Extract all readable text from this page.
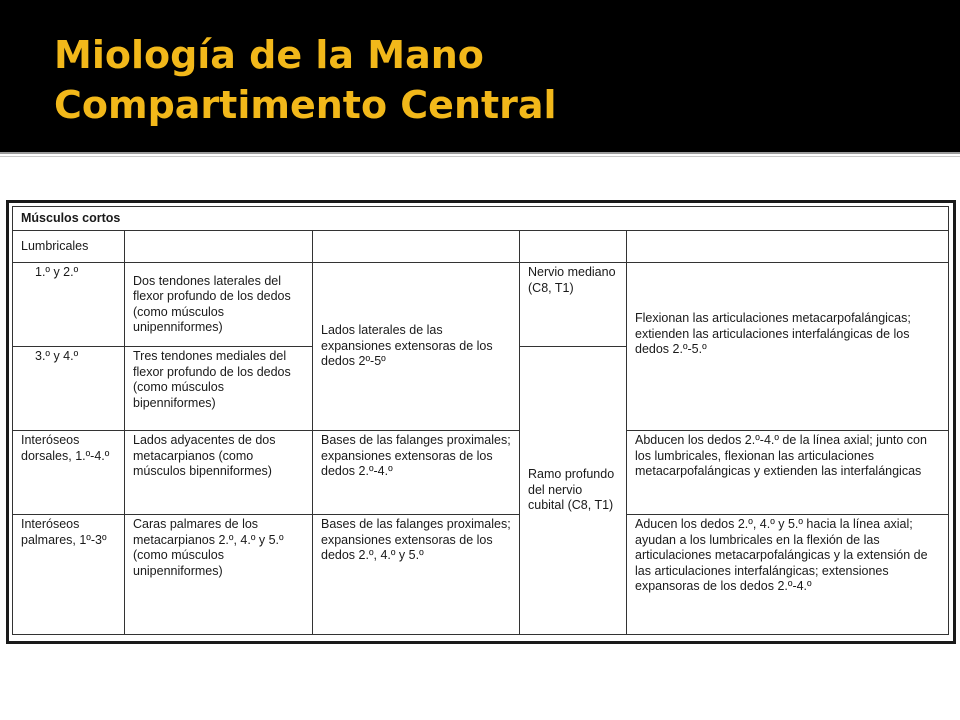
Miología de la Mano
Compartimento Central
Músculos cortos				
Lumbricales				
1.º y 2.º	Dos tendones laterales del flexor profundo de los dedos (como músculos unipenniformes)	Lados laterales de las expansiones extensoras de los dedos 2º-5º	Nervio mediano (C8, T1)	Flexionan las articulaciones metacarpofalángicas; extienden las articulaciones interfalángicas de los dedos 2.º-5.º
3.º y 4.º	Tres tendones mediales del flexor profundo de los dedos (como músculos bipenniformes)		Ramo profundo del nervio cubital (C8, T1)	
Interóseos dorsales, 1.º-4.º	Lados adyacentes de dos metacarpianos (como músculos bipenniformes)	Bases de las falanges proximales; expansiones extensoras de los dedos 2.º-4.º		Abducen los dedos 2.º-4.º de la línea axial; junto con los lumbricales, flexionan las articulaciones metacarpofalángicas y extienden las interfalángicas
Interóseos palmares, 1º-3º	Caras palmares de los metacarpianos 2.º, 4.º y 5.º (como músculos unipenniformes)	Bases de las falanges proximales; expansiones extensoras de los dedos 2.º, 4.º y 5.º		Aducen los dedos 2.º, 4.º y 5.º hacia la línea axial; ayudan a los lumbricales en la flexión de las articulaciones metacarpofalángicas y la extensión de las articulaciones interfalángicas; extensiones expansoras de los dedos 2.º-4.º
